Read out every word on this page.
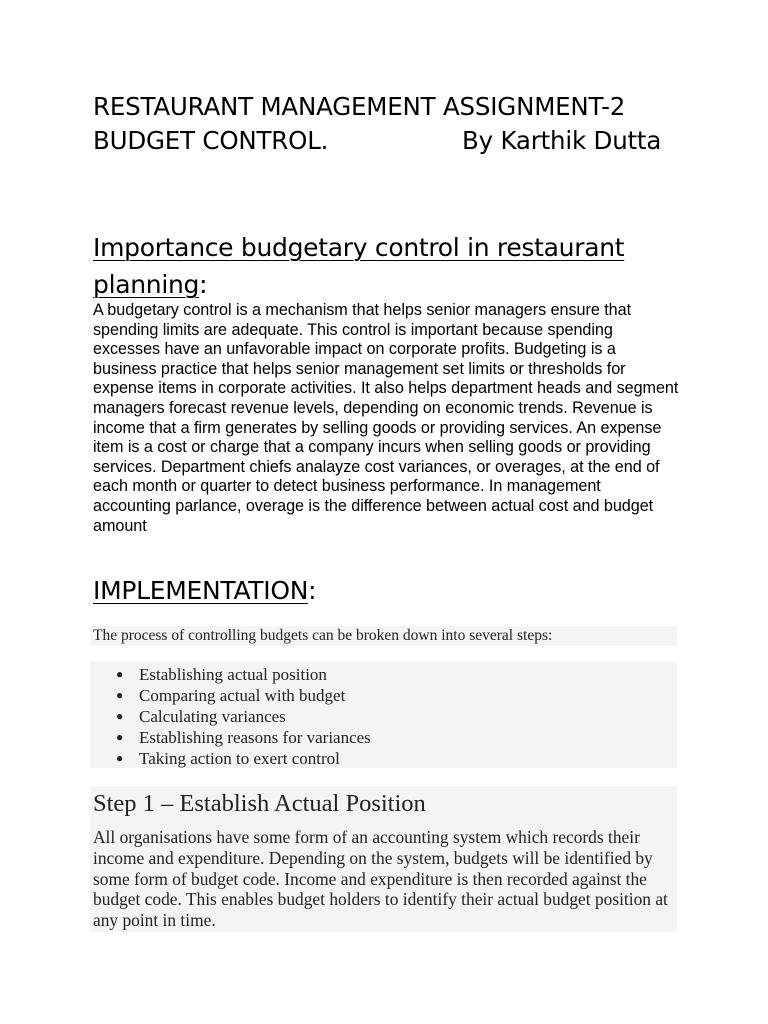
RESTAURANT MANAGEMENT ASSIGNMENT-2
BUDGET CONTROL.	By Karthik Dutta
Importance budgetary control in restaurant planning:
A budgetary control is a mechanism that helps senior managers ensure that spending limits are adequate. This control is important because spending excesses have an unfavorable impact on corporate profits. Budgeting is a business practice that helps senior management set limits or thresholds for expense items in corporate activities. It also helps department heads and segment managers forecast revenue levels, depending on economic trends. Revenue is income that a firm generates by selling goods or providing services. An expense item is a cost or charge that a company incurs when selling goods or providing services. Department chiefs analayze cost variances, or overages, at the end of each month or quarter to detect business performance. In management accounting parlance, overage is the difference between actual cost and budget amount
IMPLEMENTATION:
The process of controlling budgets can be broken down into several steps:
● Establishing actual position
● Comparing actual with budget
● Calculating variances
● Establishing reasons for variances
● Taking action to exert control
Step 1 – Establish Actual Position
All organisations have some form of an accounting system which records their income and expenditure. Depending on the system, budgets will be identified by some form of budget code. Income and expenditure is then recorded against the budget code. This enables budget holders to identify their actual budget position at any point in time.
